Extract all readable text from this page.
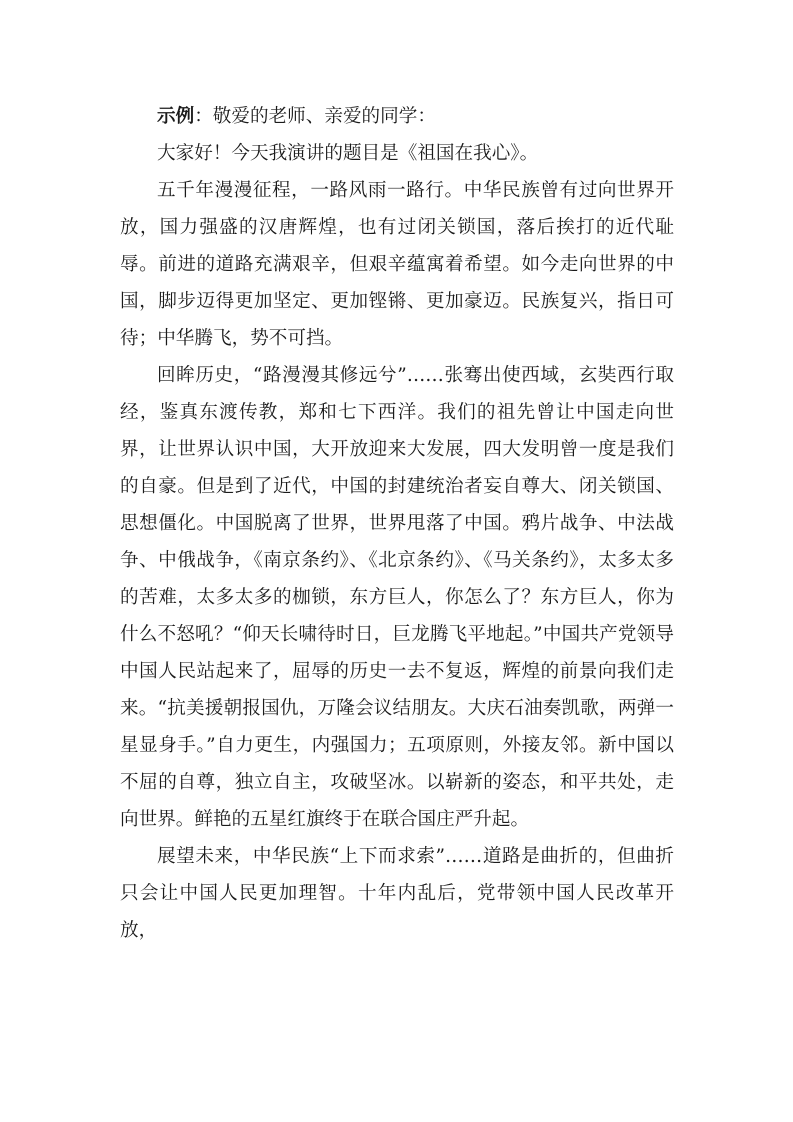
示例：敬爱的老师、亲爱的同学：

大家好！今天我演讲的题目是《祖国在我心》。

五千年漫漫征程，一路风雨一路行。中华民族曾有过向世界开放，国力强盛的汉唐辉煌，也有过闭关锁国，落后挨打的近代耻辱。前进的道路充满艰辛，但艰辛蕴寓着希望。如今走向世界的中国，脚步迈得更加坚定、更加铿锵、更加豪迈。民族复兴，指日可待；中华腾飞，势不可挡。

回眸历史，“路漫漫其修远兮”……张骞出使西域，玄奘西行取经，鉴真东渡传教，郑和七下西洋。我们的祖先曾让中国走向世界，让世界认识中国，大开放迎来大发展，四大发明曾一度是我们的自豪。但是到了近代，中国的封建统治者妄自尊大、闭关锁国、思想僵化。中国脱离了世界，世界甩落了中国。鸦片战争、中法战争、中俄战争，《南京条约》、《北京条约》、《马关条约》，太多太多的苦难，太多太多的枷锁，东方巨人，你怎么了？东方巨人，你为什么不怒吼？“仰天长啸待时日，巨龙腾飞平地起。”中国共产党领导中国人民站起来了，屈辱的历史一去不复返，辉煌的前景向我们走来。“抗美援朝报国仇，万隆会议结朋友。大庆石油奏凯歌，两弹一星显身手。”自力更生，内强国力；五项原则，外接友邻。新中国以不屈的自尊，独立自主，攻破坚冰。以崭新的姿态，和平共处，走向世界。鲜艳的五星红旗终于在联合国庄严升起。

展望未来，中华民族“上下而求索”……道路是曲折的，但曲折只会让中国人民更加理智。十年内乱后，党带领中国人民改革开放，
